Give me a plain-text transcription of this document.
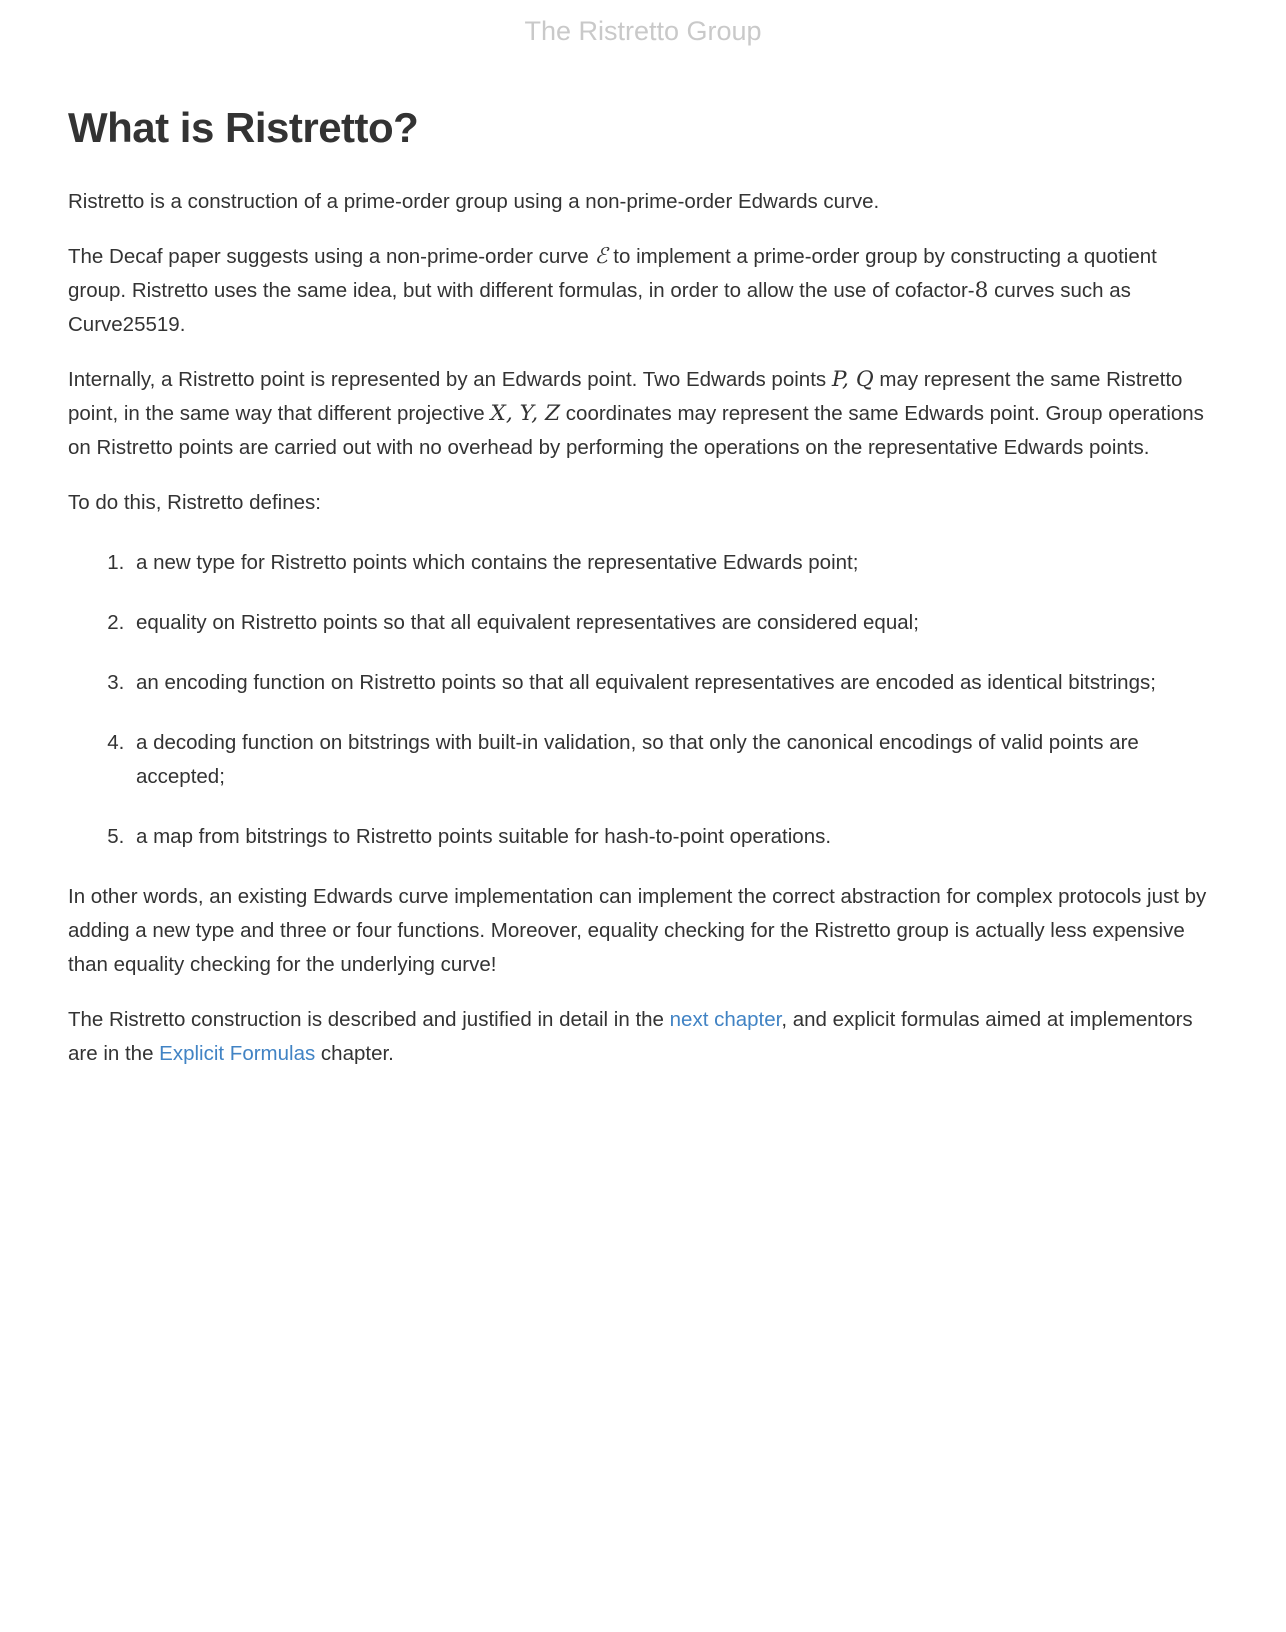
The Ristretto Group
What is Ristretto?

Ristretto is a construction of a prime-order group using a non-prime-order Edwards curve.

The Decaf paper suggests using a non-prime-order curve ℰ to implement a prime-order group by constructing a quotient group. Ristretto uses the same idea, but with different formulas, in order to allow the use of cofactor-8 curves such as Curve25519.

Internally, a Ristretto point is represented by an Edwards point. Two Edwards points P, Q may represent the same Ristretto point, in the same way that different projective X, Y, Z coordinates may represent the same Edwards point. Group operations on Ristretto points are carried out with no overhead by performing the operations on the representative Edwards points.

To do this, Ristretto defines:

1. a new type for Ristretto points which contains the representative Edwards point;
2. equality on Ristretto points so that all equivalent representatives are considered equal;
3. an encoding function on Ristretto points so that all equivalent representatives are encoded as identical bitstrings;
4. a decoding function on bitstrings with built-in validation, so that only the canonical encodings of valid points are accepted;
5. a map from bitstrings to Ristretto points suitable for hash-to-point operations.

In other words, an existing Edwards curve implementation can implement the correct abstraction for complex protocols just by adding a new type and three or four functions. Moreover, equality checking for the Ristretto group is actually less expensive than equality checking for the underlying curve!

The Ristretto construction is described and justified in detail in the next chapter, and explicit formulas aimed at implementors are in the Explicit Formulas chapter.
